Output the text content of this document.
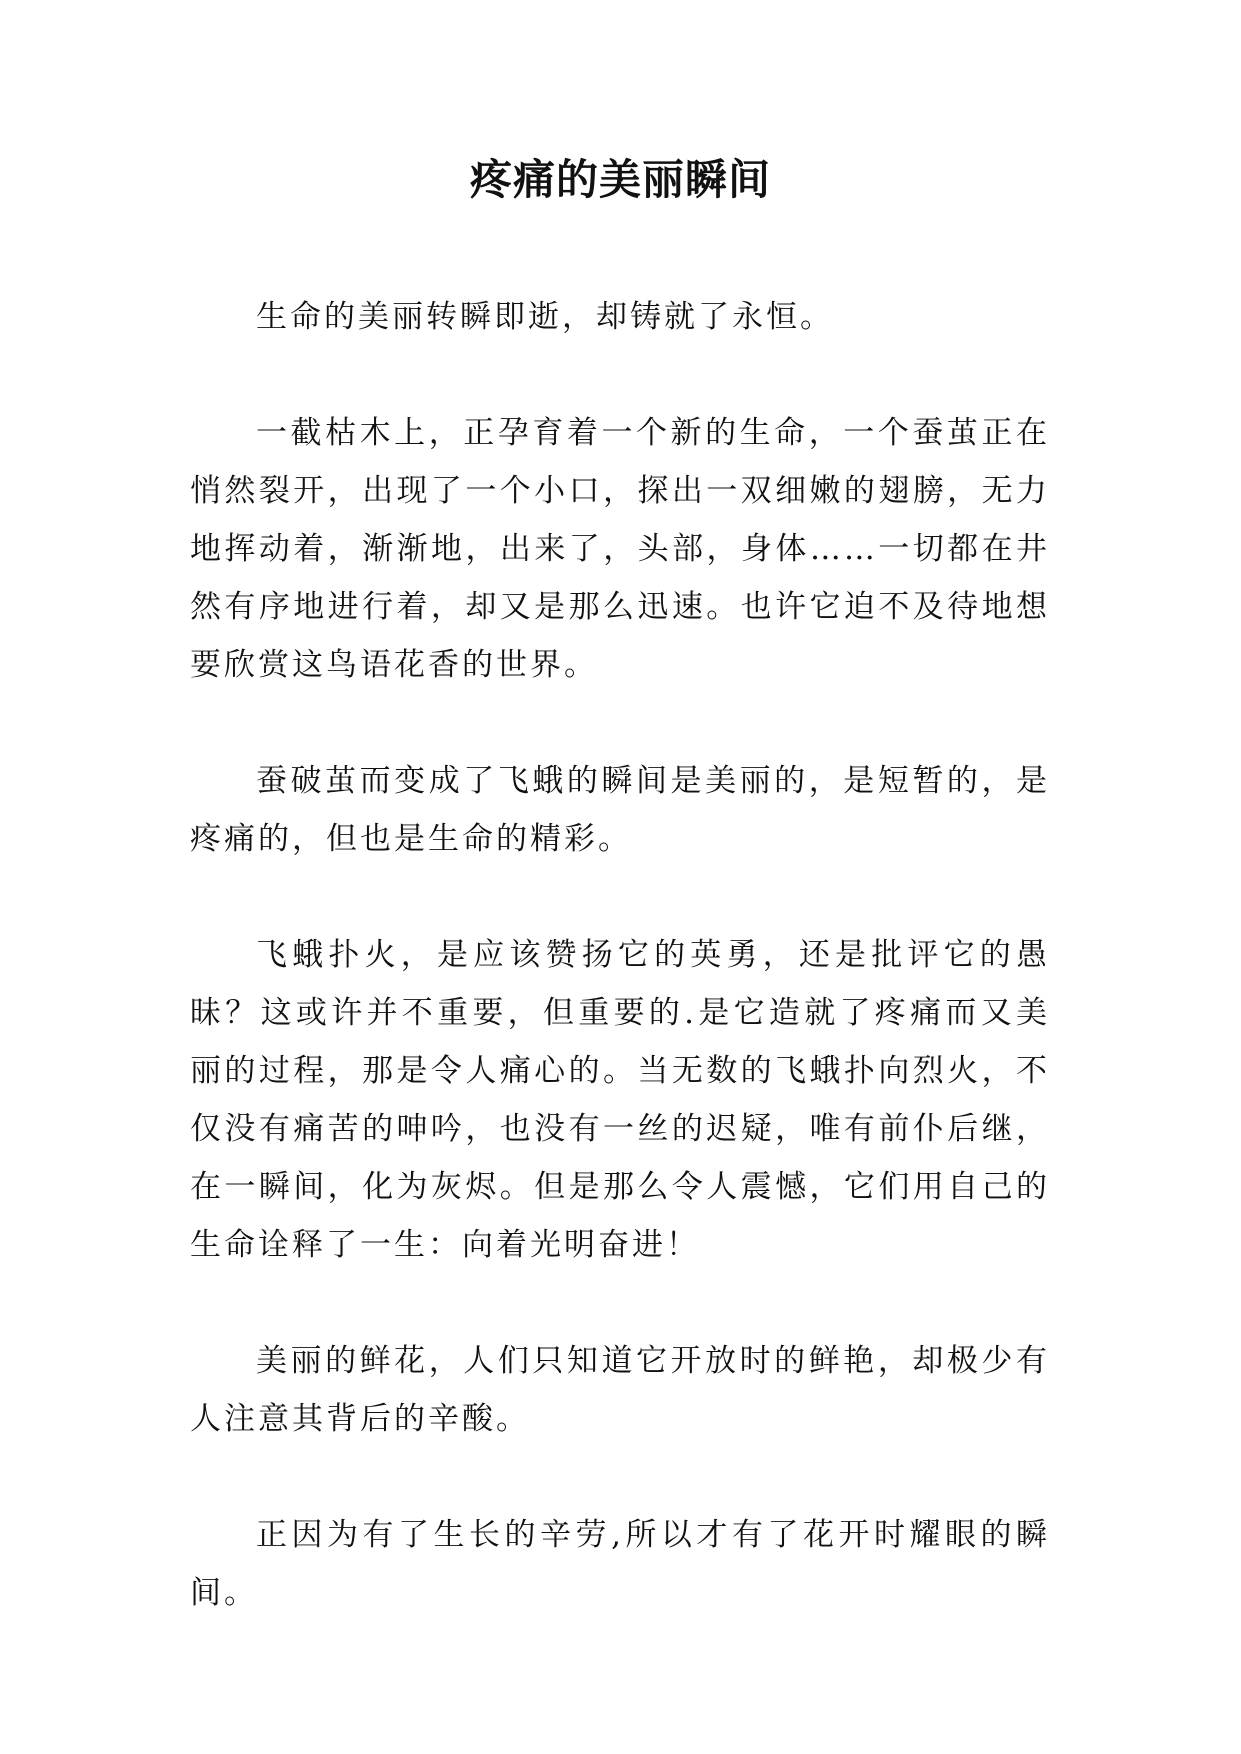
疼痛的美丽瞬间

生命的美丽转瞬即逝，却铸就了永恒。

一截枯木上，正孕育着一个新的生命，一个蚕茧正在悄然裂开，出现了一个小口，探出一双细嫩的翅膀，无力地挥动着，渐渐地，出来了，头部，身体……一切都在井然有序地进行着，却又是那么迅速。也许它迫不及待地想要欣赏这鸟语花香的世界。

蚕破茧而变成了飞蛾的瞬间是美丽的，是短暂的，是疼痛的，但也是生命的精彩。

飞蛾扑火，是应该赞扬它的英勇，还是批评它的愚昧？这或许并不重要，但重要的.是它造就了疼痛而又美丽的过程，那是令人痛心的。当无数的飞蛾扑向烈火，不仅没有痛苦的呻吟，也没有一丝的迟疑，唯有前仆后继，在一瞬间，化为灰烬。但是那么令人震憾，它们用自己的生命诠释了一生：向着光明奋进！

美丽的鲜花，人们只知道它开放时的鲜艳，却极少有人注意其背后的辛酸。

正因为有了生长的辛劳,所以才有了花开时耀眼的瞬间。
